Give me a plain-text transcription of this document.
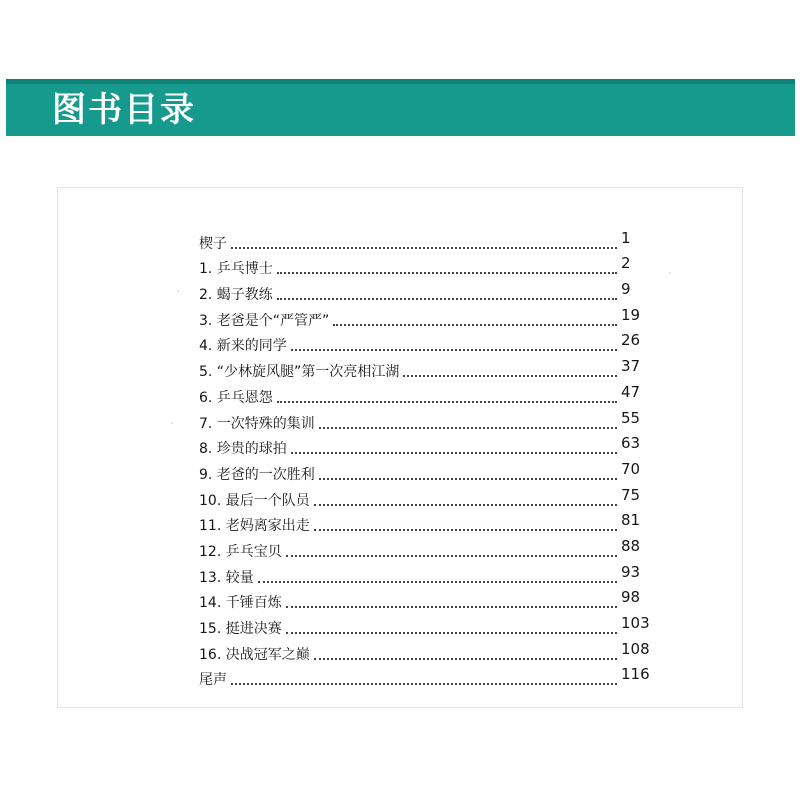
图书目录
·
·
·
楔子	1
1. 乒乓博士	2
2. 蝎子教练	9
3. 老爸是个“严管严”	19
4. 新来的同学	26
5. “少林旋风腿”第一次亮相江湖	37
6. 乒乓恩怨	47
7. 一次特殊的集训	55
8. 珍贵的球拍	63
9. 老爸的一次胜利	70
10. 最后一个队员	75
11. 老妈离家出走	81
12. 乒乓宝贝	88
13. 较量	93
14. 千锤百炼	98
15. 挺进决赛	103
16. 决战冠军之巅	108
尾声	116
